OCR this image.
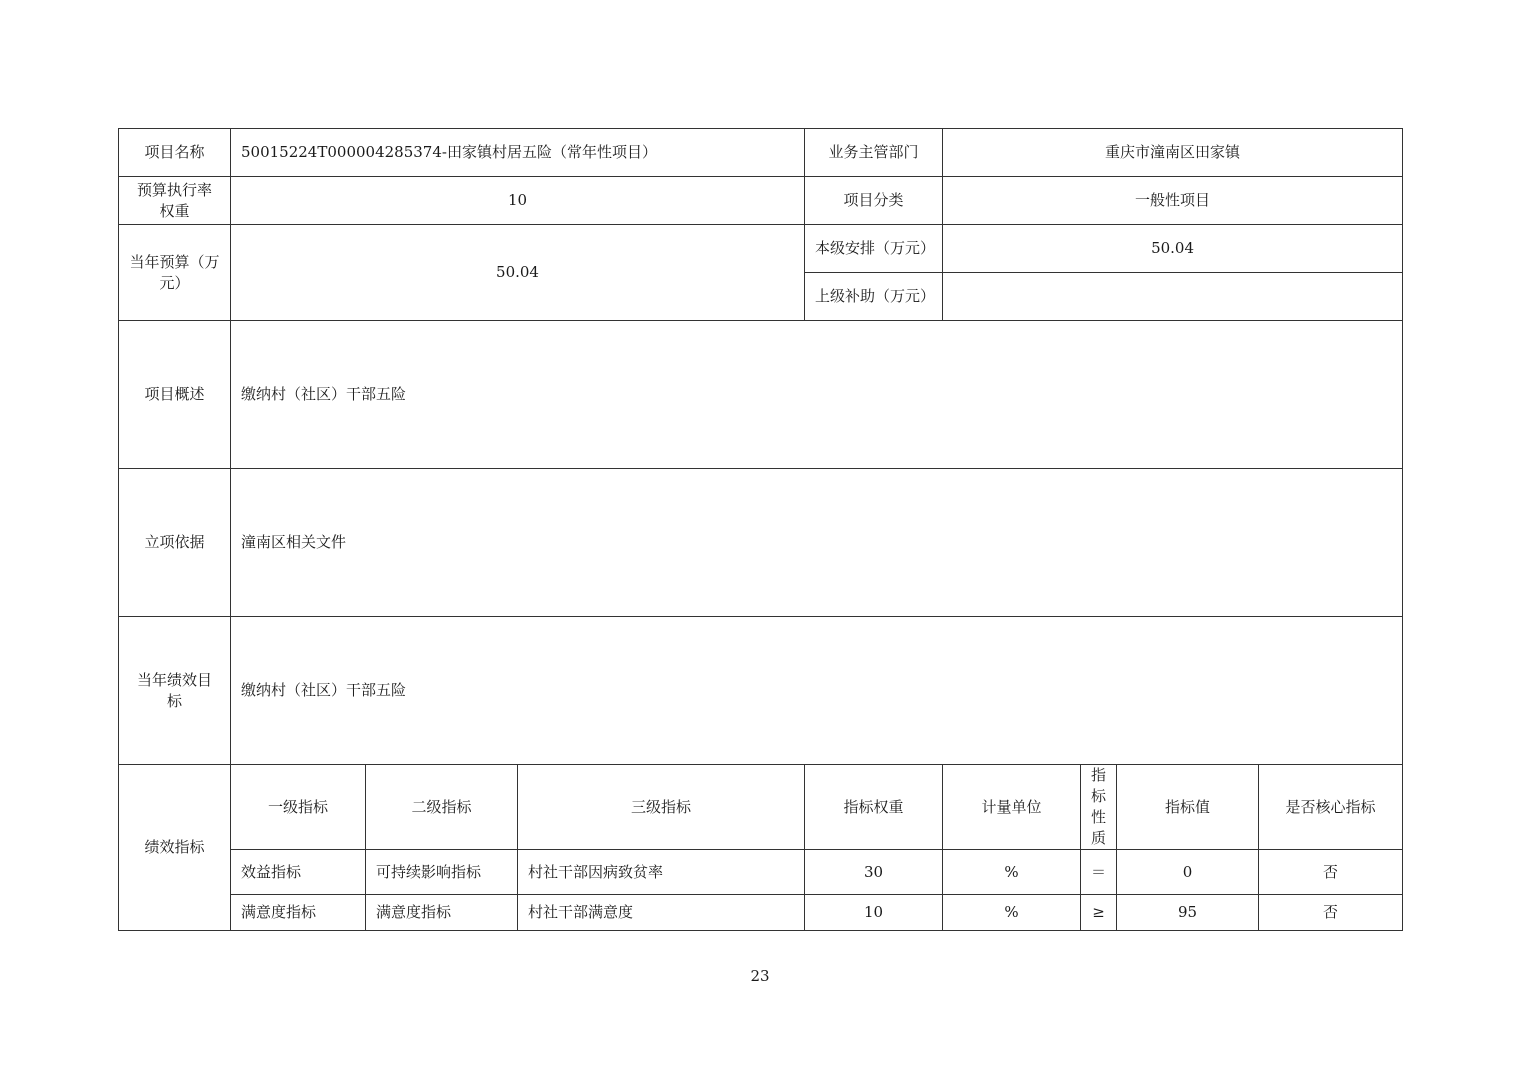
项目名称	50015224T000004285374-田家镇村居五险（常年性项目）			业务主管部门	重庆市潼南区田家镇			

预算执行率
权重	10			项目分类	一般性项目			

当年预算（万
元）	50.04			本级安排（万元）	50.04			
				上级补助（万元）				
项目概述	缴纳村（社区）干部五险							
立项依据	潼南区相关文件							

当年绩效目
标	缴纳村（社区）干部五险							
绩效指标	一级指标	二级指标	三级指标	指标权重	计量单位	指
标
性
质	指标值	是否核心指标
	效益指标	可持续影响指标	村社干部因病致贫率	30	%	＝	0	否
	满意度指标	满意度指标	村社干部满意度	10	%	≥	95	否
23
